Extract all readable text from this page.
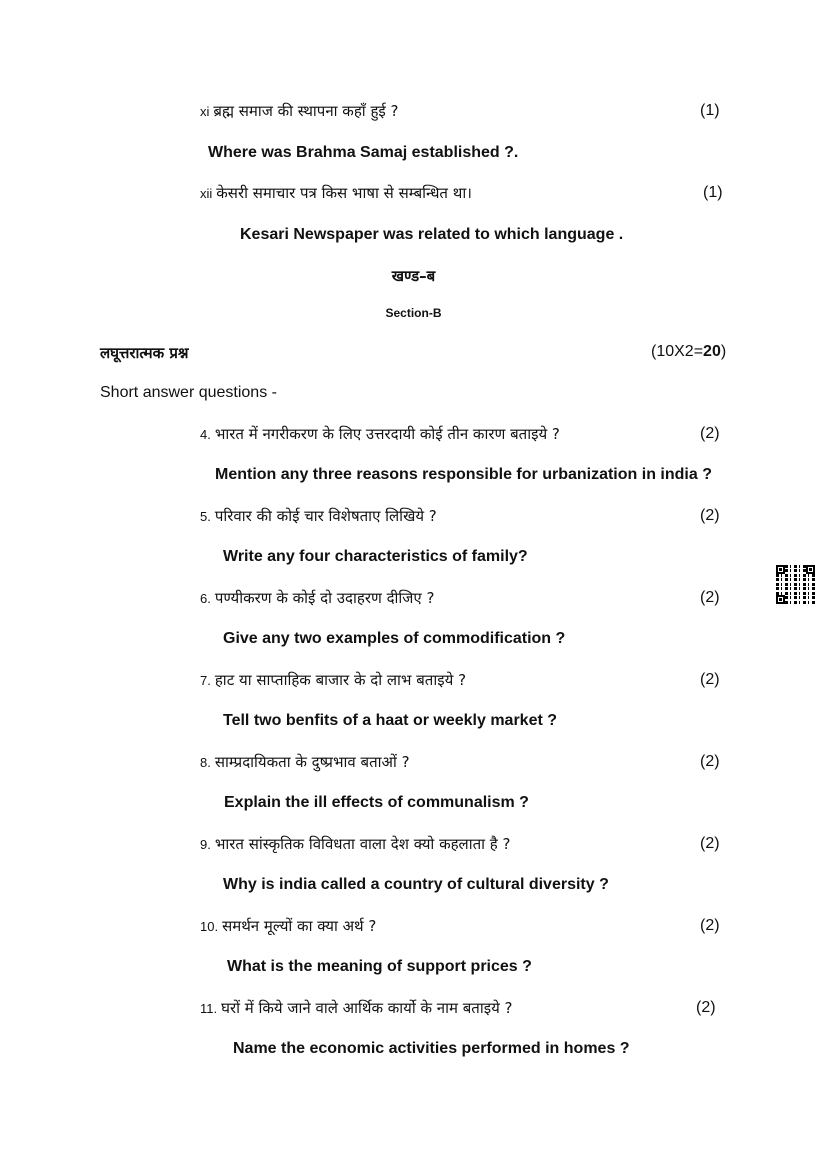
xi ब्रह्म समाज की स्थापना कहाँ हुई ?	(1)
Where was Brahma Samaj established ?.
xii केसरी समाचार पत्र किस भाषा से सम्बन्धित था।	(1)
Kesari Newspaper was related to which language .
खण्ड–ब
Section-B
लघूत्तरात्मक प्रश्न	(10X2=20)
Short answer questions -
4. भारत में नगरीकरण के लिए उत्तरदायी कोई तीन कारण बताइये ?	(2)
Mention any three reasons responsible for urbanization in india ?
5. परिवार की कोई चार विशेषताए लिखिये ?	(2)
Write any four characteristics of family?
6. पण्यीकरण के कोई दो उदाहरण दीजिए ?	(2)
Give any two examples of commodification ?
7. हाट या साप्ताहिक बाजार के दो लाभ बताइये ?	(2)
Tell two benfits of a haat or weekly market ?
8. साम्प्रदायिकता के दुष्प्रभाव बताओं ?	(2)
Explain the ill effects of communalism ?
9. भारत सांस्कृतिक विविधता वाला देश क्यो कहलाता है ?	(2)
Why is india called a country of cultural diversity ?
10. समर्थन मूल्यों का क्या अर्थ ?	(2)
What is the meaning of support prices ?
11. घरों में किये जाने वाले आर्थिक कार्यो के नाम बताइये ?	(2)
Name the economic activities performed in homes ?
